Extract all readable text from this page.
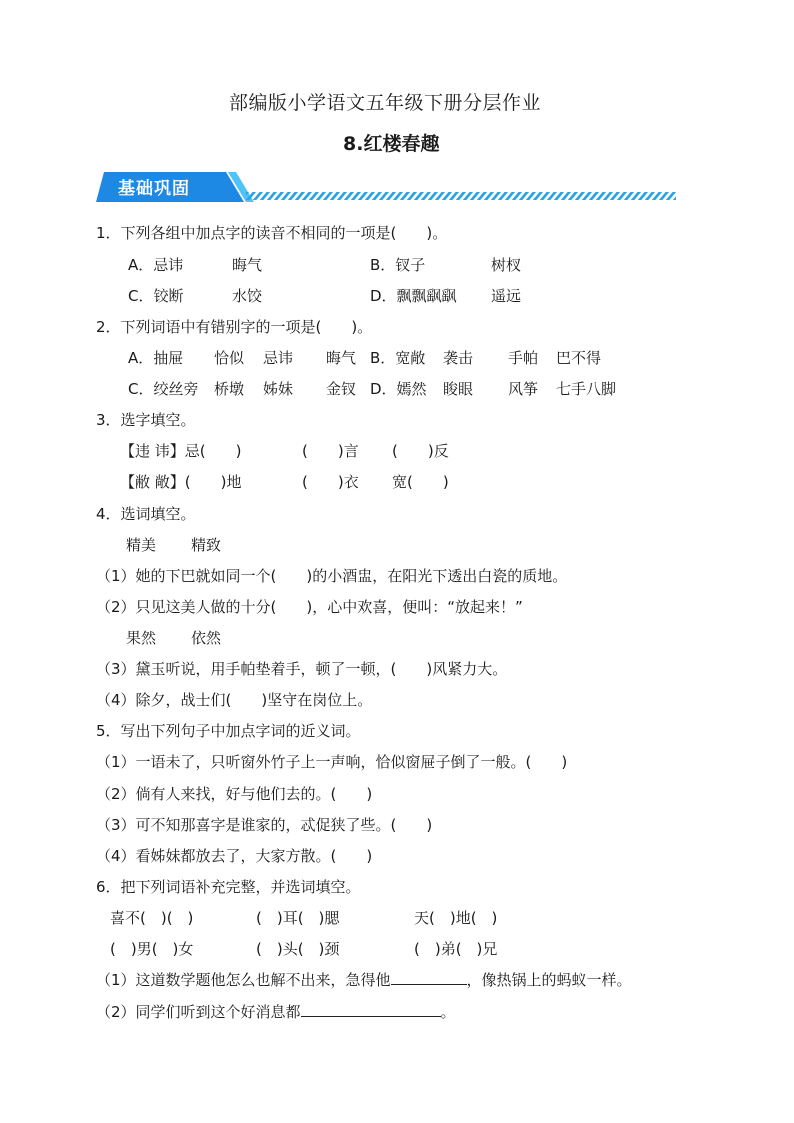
部编版小学语文五年级下册分层作业
8.红楼春趣
基础巩固
1．下列各组中加点字的读音不相同的一项是(　　)。
A．忌讳	晦气	B．钗子	树杈
C．铰断	水饺	D．飘飘飖飖 遥远
2．下列词语中有错别字的一项是(　　)。
A．抽屉 恰似 忌讳 晦气 B．宽敞 袭击 手帕 巴不得
C．绞丝旁 桥墩 姊妹 金钗 D．嫣然 睃眼 风筝 七手八脚
3．选字填空。
【违 讳】忌(　　)	(　　)言 (　　)反
【敝 敞】(　　)地	(　　)衣 宽(　　)
4．选词填空。
精美 精致
（1）她的下巴就如同一个(　　)的小酒盅，在阳光下透出白瓷的质地。
（2）只见这美人做的十分(　　)，心中欢喜，便叫：“放起来！”
果然 依然
（3）黛玉听说，用手帕垫着手，顿了一顿，(　　)风紧力大。
（4）除夕，战士们(　　)坚守在岗位上。
5．写出下列句子中加点字词的近义词。
（1）一语未了，只听窗外竹子上一声响，恰似窗屉子倒了一般。(　　)
（2）倘有人来找，好与他们去的。(　　)
（3）可不知那喜字是谁家的，忒促狭了些。(　　)
（4）看姊妹都放去了，大家方散。(　　)
6．把下列词语补充完整，并选词填空。
喜不(　)(　)	(　)耳(　)腮	天(　)地(　)
(　)男(　)女	(　)头(　)颈	(　)弟(　)兄
（1）这道数学题他怎么也解不出来，急得他	，像热锅上的蚂蚁一样。
（2）同学们听到这个好消息都	。
